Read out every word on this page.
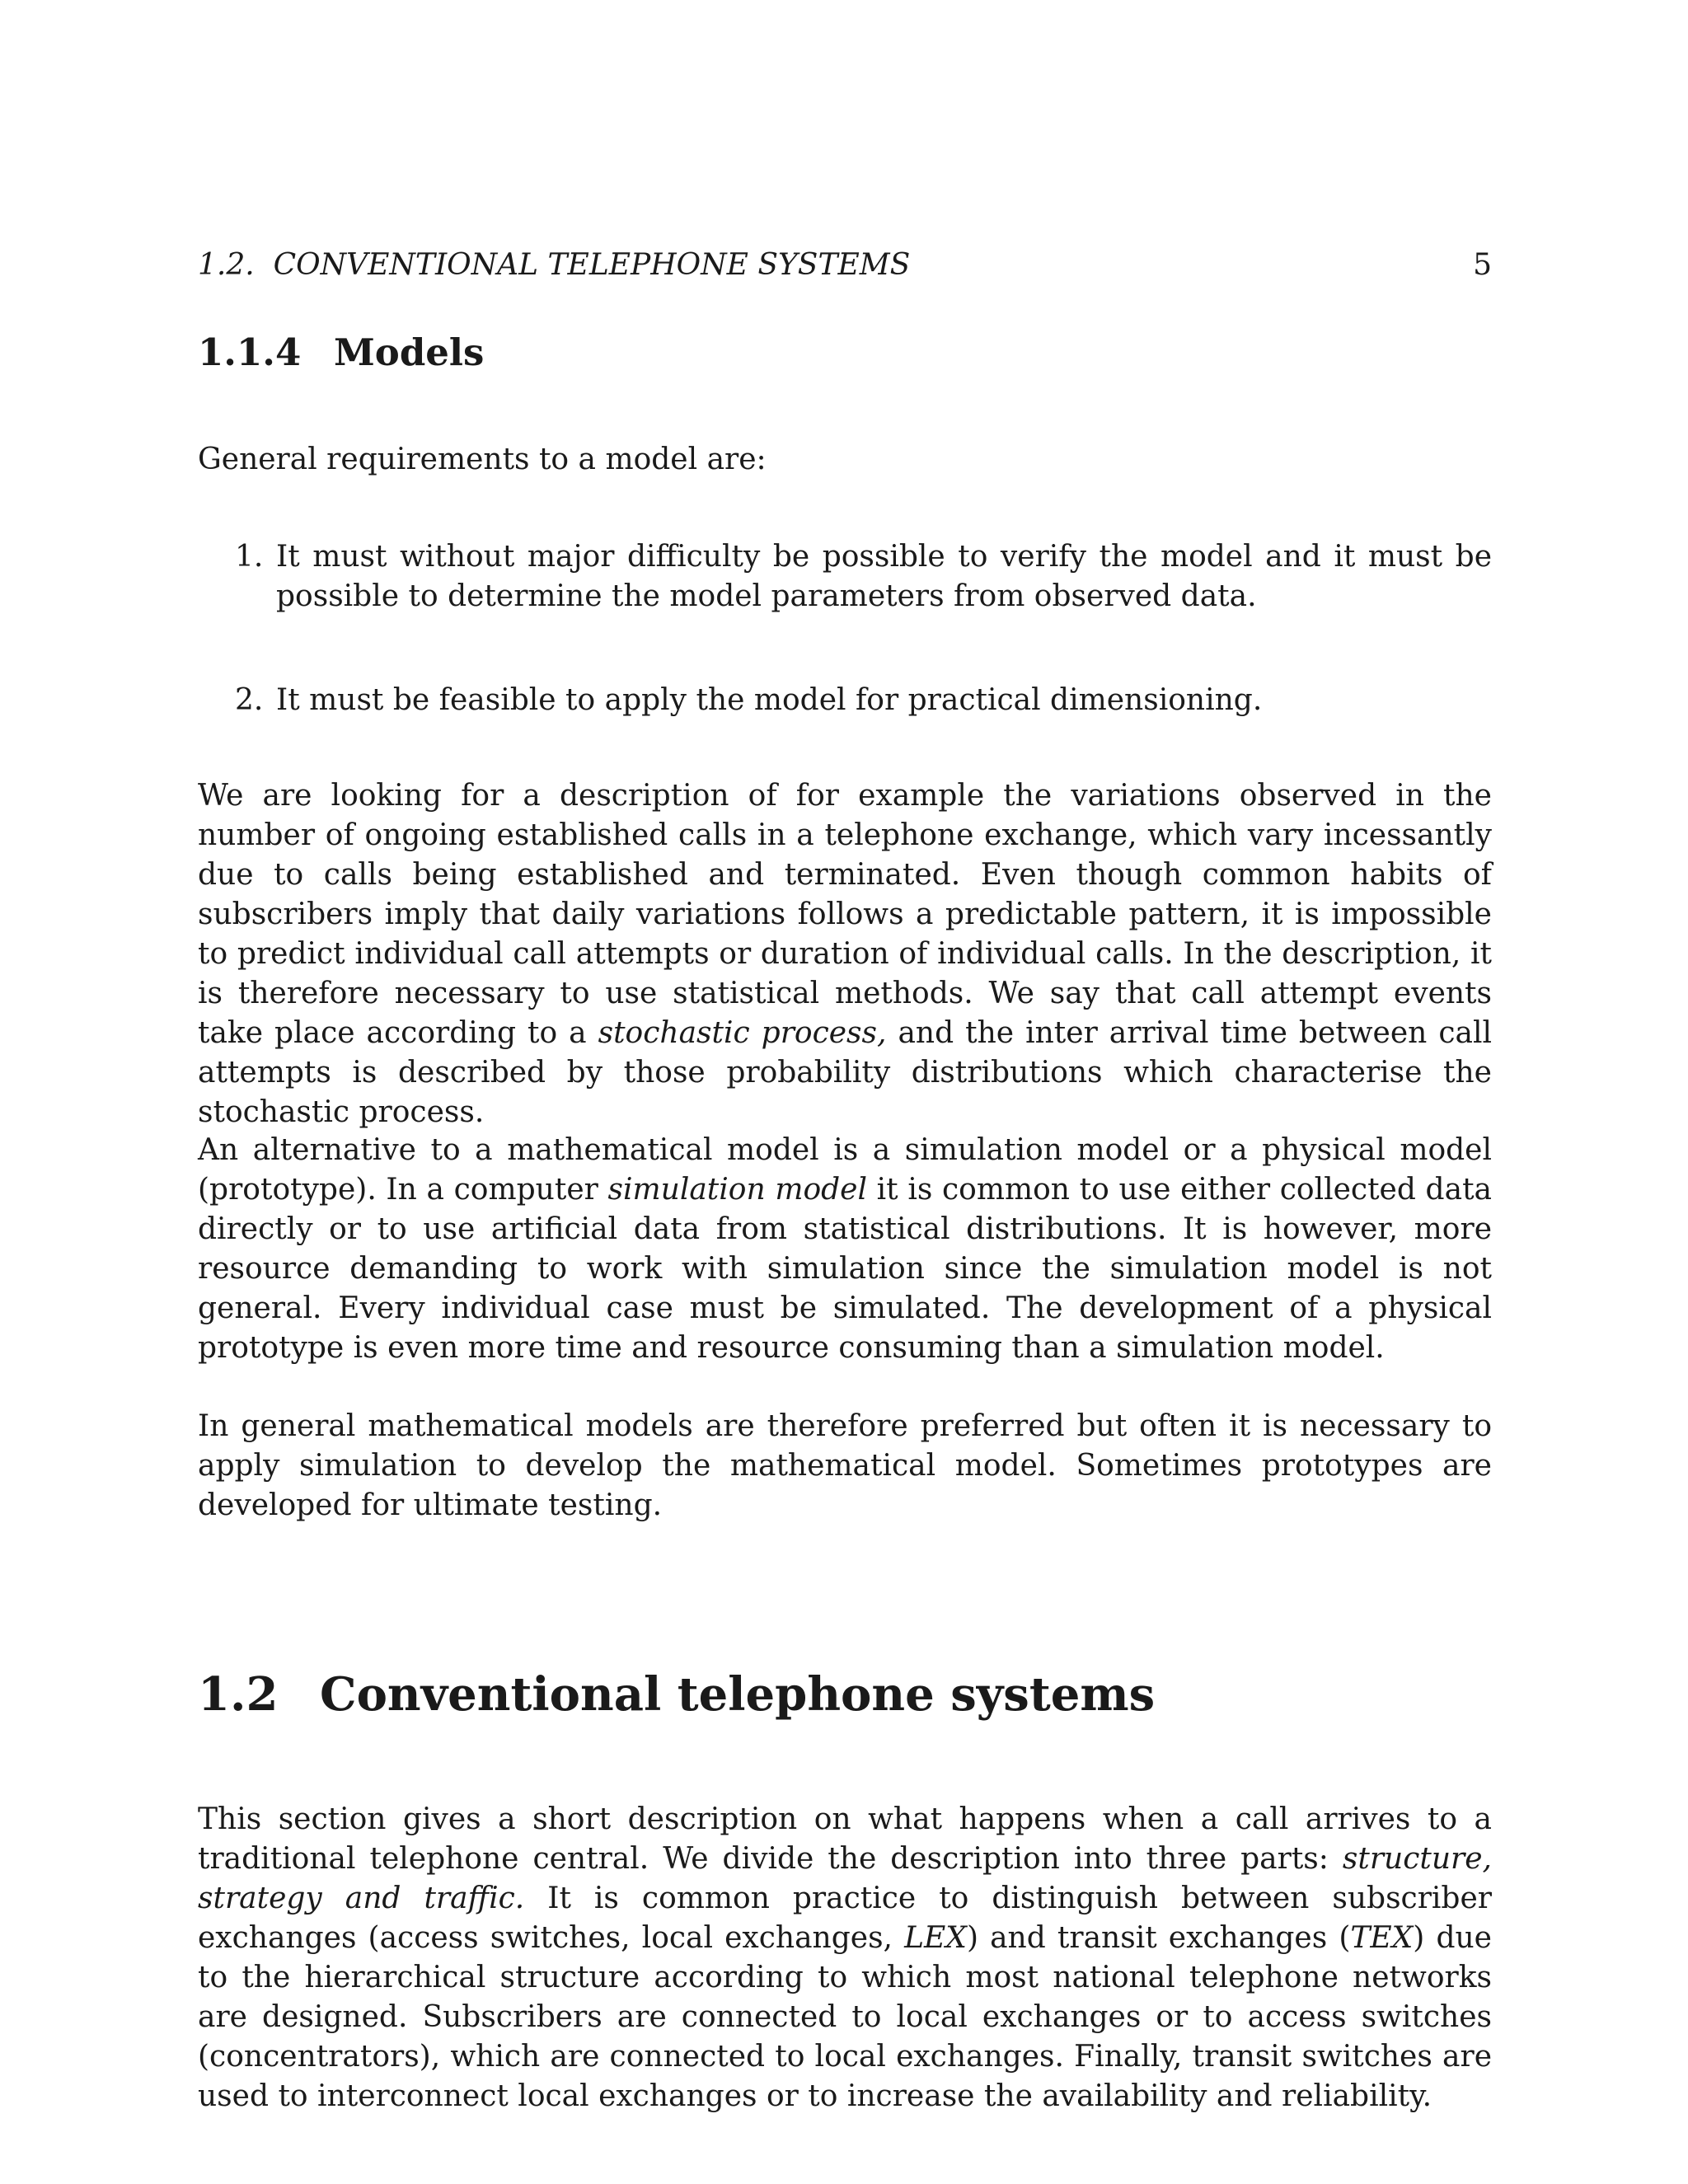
1.2. CONVENTIONAL TELEPHONE SYSTEMS	5
1.1.4 Models

General requirements to a model are:

1. It must without major difficulty be possible to verify the model and it must be possible to determine the model parameters from observed data.
2. It must be feasible to apply the model for practical dimensioning.

We are looking for a description of for example the variations observed in the number of ongoing established calls in a telephone exchange, which vary incessantly due to calls being established and terminated. Even though common habits of subscribers imply that daily variations follows a predictable pattern, it is impossible to predict individual call attempts or duration of individual calls. In the description, it is therefore necessary to use statistical methods. We say that call attempt events take place according to a stochastic process, and the inter arrival time between call attempts is described by those probability distributions which characterise the stochastic process.

An alternative to a mathematical model is a simulation model or a physical model (prototype). In a computer simulation model it is common to use either collected data directly or to use artificial data from statistical distributions. It is however, more resource demanding to work with simulation since the simulation model is not general. Every individual case must be simulated. The development of a physical prototype is even more time and resource consuming than a simulation model.

In general mathematical models are therefore preferred but often it is necessary to apply simulation to develop the mathematical model. Sometimes prototypes are developed for ultimate testing.

1.2 Conventional telephone systems

This section gives a short description on what happens when a call arrives to a traditional telephone central. We divide the description into three parts: structure, strategy and traffic. It is common practice to distinguish between subscriber exchanges (access switches, local exchanges, LEX) and transit exchanges (TEX) due to the hierarchical structure according to which most national telephone networks are designed. Subscribers are connected to local exchanges or to access switches (concentrators), which are connected to local exchanges. Finally, transit switches are used to interconnect local exchanges or to increase the availability and reliability.
